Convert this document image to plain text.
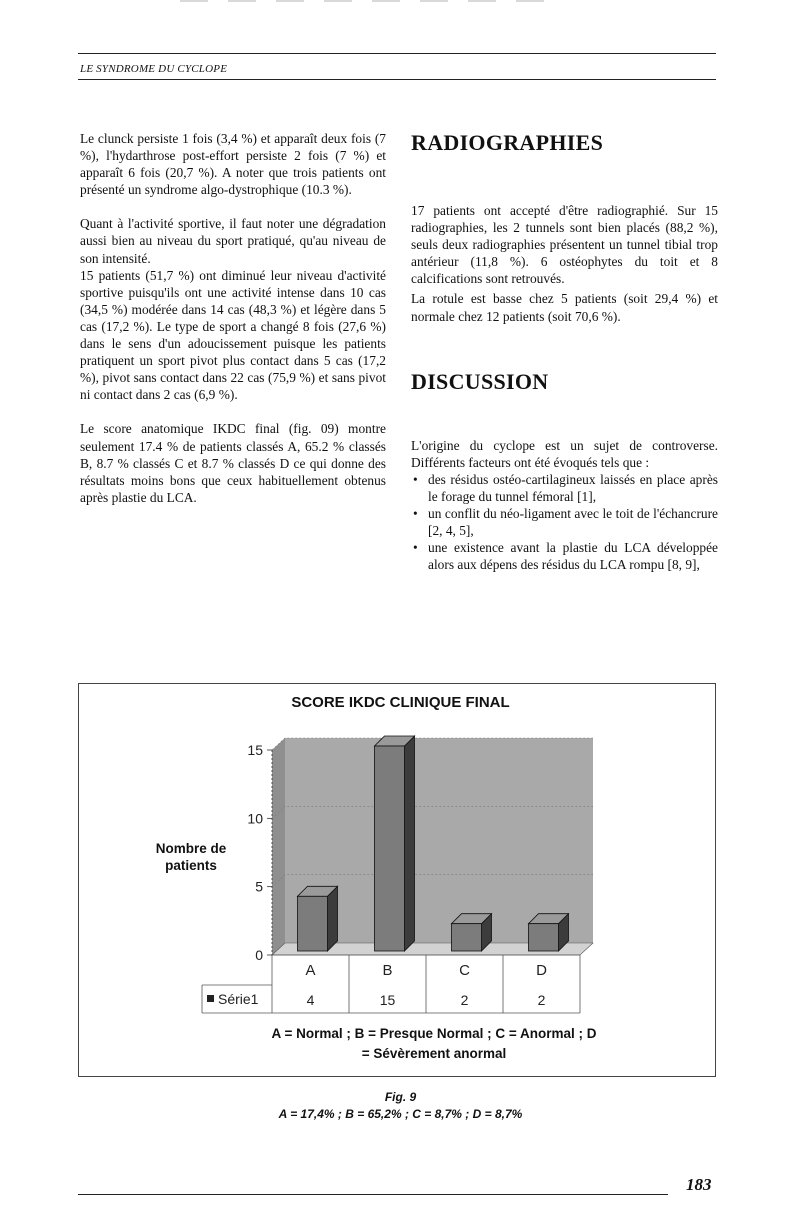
LE SYNDROME DU CYCLOPE

Le clunck persiste 1 fois (3,4 %) et apparaît deux fois (7 %), l'hydarthrose post-effort persiste 2 fois (7 %) et apparaît 6 fois (20,7 %). A noter que trois patients ont présenté un syndrome algo-dystrophique (10.3 %).

Quant à l'activité sportive, il faut noter une dégradation aussi bien au niveau du sport pratiqué, qu'au niveau de son intensité.

15 patients (51,7 %) ont diminué leur niveau d'activité sportive puisqu'ils ont une activité intense dans 10 cas (34,5 %) modérée dans 14 cas (48,3 %) et légère dans 5 cas (17,2 %). Le type de sport a changé 8 fois (27,6 %) dans le sens d'un adoucissement puisque les patients pratiquent un sport pivot plus contact dans 5 cas (17,2 %), pivot sans contact dans 22 cas (75,9 %) et sans pivot ni contact dans 2 cas (6,9 %).

Le score anatomique IKDC final (fig. 09) montre seulement 17.4 % de patients classés A, 65.2 % classés B, 8.7 % classés C et 8.7 % classés D ce qui donne des résultats moins bons que ceux habituellement obtenus après plastie du LCA.

RADIOGRAPHIES

17 patients ont accepté d'être radiographié. Sur 15 radiographies, les 2 tunnels sont bien placés (88,2 %), seuls deux radiographies présentent un tunnel tibial trop antérieur (11,8 %). 6 ostéophytes du toit et 8 calcifications sont retrouvés.

La rotule est basse chez 5 patients (soit 29,4 %) et normale chez 12 patients (soit 70,6 %).

DISCUSSION

L'origine du cyclope est un sujet de controverse. Différents facteurs ont été évoqués tels que :

• des résidus ostéo-cartilagineux laissés en place après le forage du tunnel fémoral [1],
• un conflit du néo-ligament avec le toit de l'échancrure [2, 4, 5],
• une existence avant la plastie du LCA développée alors aux dépens des résidus du LCA rompu [8, 9],
SCORE IKDC CLINIQUE FINAL
Nombre de patients
0
5
10
15
A
4
B
15
C
2
D
2
Série1
A = Normal ; B = Presque Normal ; C = Anormal ; D = Sévèrement anormal
Fig. 9
A = 17,4% ; B = 65,2% ; C = 8,7% ; D = 8,7%
183
